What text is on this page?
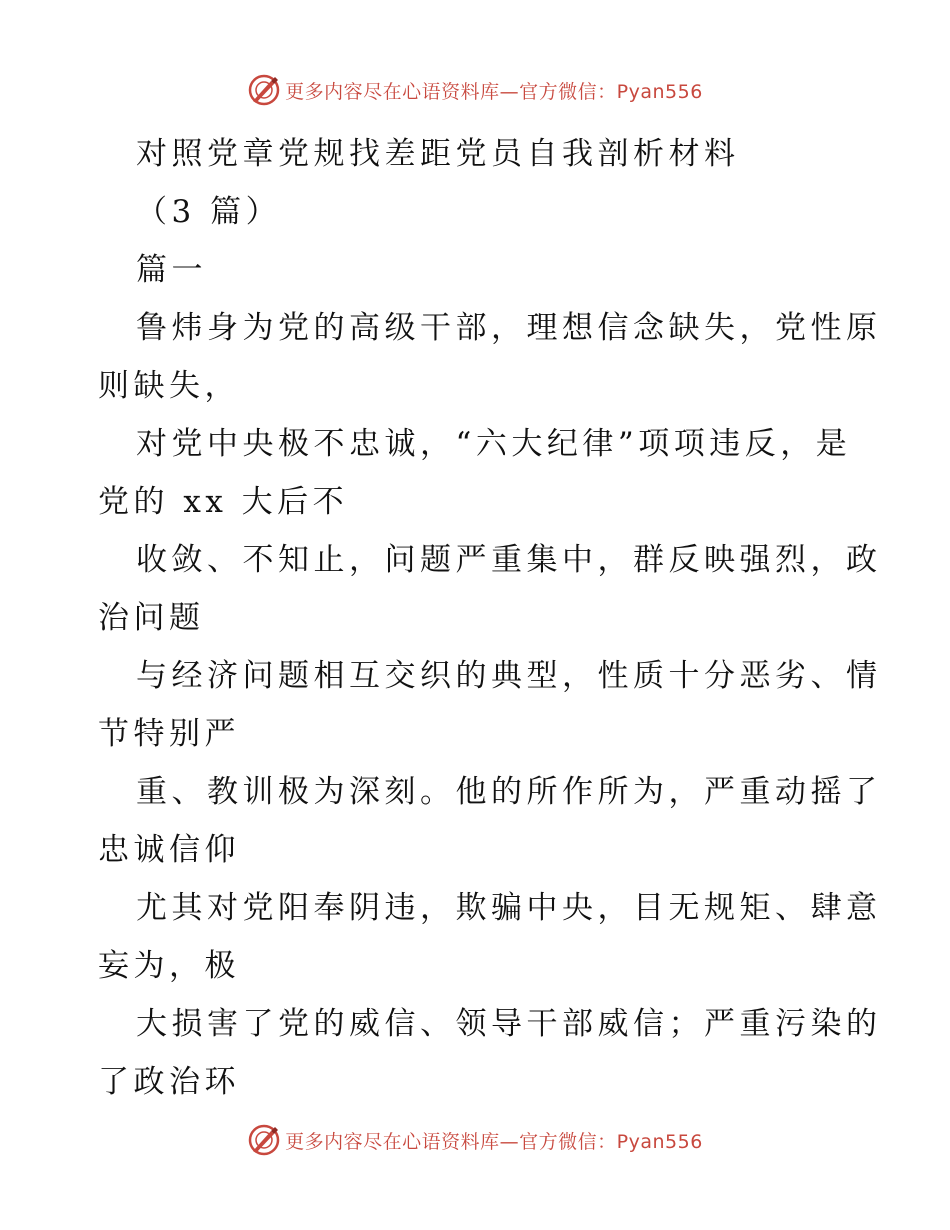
更多内容尽在心语资料库—官方微信：Pyan556
对照党章党规找差距党员自我剖析材料
（3 篇）
篇一
鲁炜身为党的高级干部，理想信念缺失，党性原
则缺失，
对党中央极不忠诚，“六大纪律”项项违反，是
党的 xx 大后不
收敛、不知止，问题严重集中，群反映强烈，政
治问题
与经济问题相互交织的典型，性质十分恶劣、情
节特别严
重、教训极为深刻。他的所作所为，严重动摇了
忠诚信仰
尤其对党阳奉阴违，欺骗中央，目无规矩、肆意
妄为，极
大损害了党的威信、领导干部威信；严重污染的
了政治环
更多内容尽在心语资料库—官方微信：Pyan556
